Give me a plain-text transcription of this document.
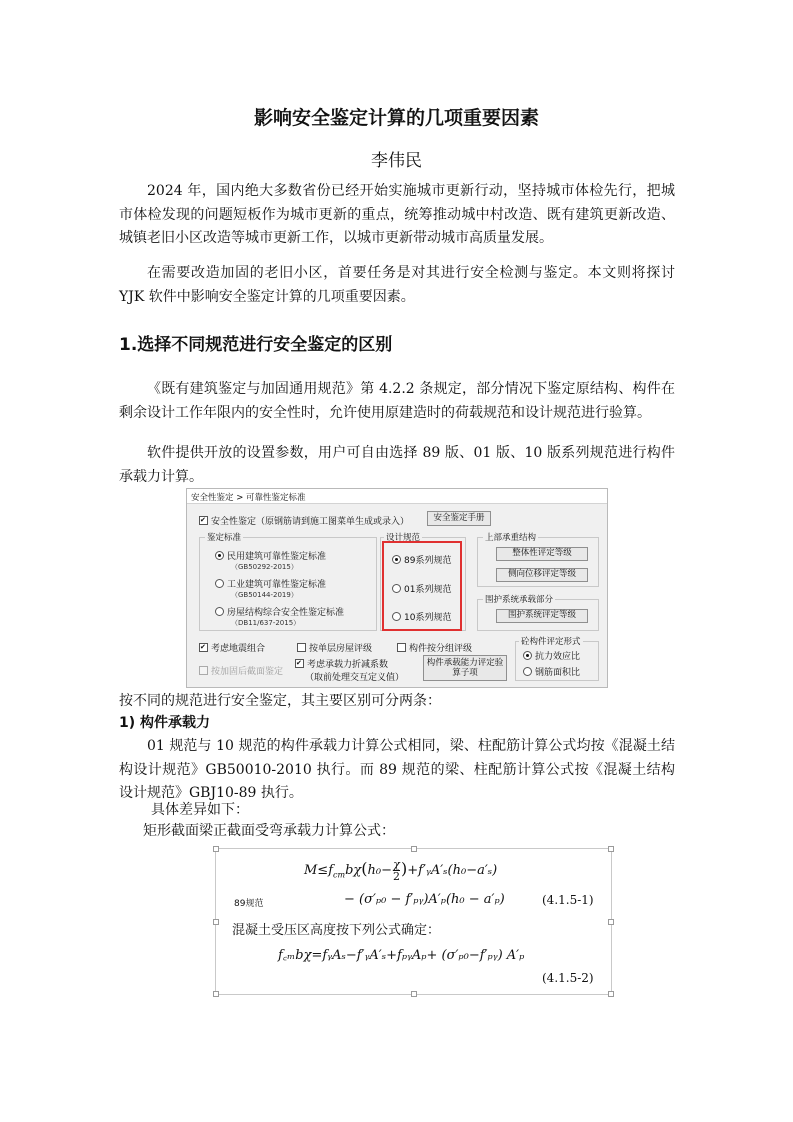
影响安全鉴定计算的几项重要因素
李伟民

2024 年，国内绝大多数省份已经开始实施城市更新行动，坚持城市体检先行，把城市体检发现的问题短板作为城市更新的重点，统筹推动城中村改造、既有建筑更新改造、城镇老旧小区改造等城市更新工作，以城市更新带动城市高质量发展。

在需要改造加固的老旧小区，首要任务是对其进行安全检测与鉴定。本文则将探讨 YJK 软件中影响安全鉴定计算的几项重要因素。

1.选择不同规范进行安全鉴定的区别

《既有建筑鉴定与加固通用规范》第 4.2.2 条规定，部分情况下鉴定原结构、构件在剩余设计工作年限内的安全性时，允许使用原建造时的荷载规范和设计规范进行验算。

软件提供开放的设置参数，用户可自由选择 89 版、01 版、10 版系列规范进行构件承载力计算。

安全性鉴定 > 可靠性鉴定标准
✔安全性鉴定（原钢筋请到施工图菜单生成或录入）	安全鉴定手册
鉴定标准
民用建筑可靠性鉴定标准
（GB50292-2015）
工业建筑可靠性鉴定标准
（GB50144-2019）
房屋结构综合安全性鉴定标准
（DB11/637-2015）
设计规范
89系列规范
01系列规范
10系列规范
上部承重结构
整体性评定等级
侧向位移评定等级
围护系统承载部分
围护系统评定等级
✔考虑地震组合	按单层房屋评级	构件按分组评级
按加固后截面鉴定
✔考虑承载力折减系数
（取前处理交互定义值）
构件承载能力评定验算子项
砼构件评定形式
抗力效应比
钢筋面积比

按不同的规范进行安全鉴定，其主要区别可分两条：

1) 构件承载力

01 规范与 10 规范的构件承载力计算公式相同，梁、柱配筋计算公式均按《混凝土结构设计规范》GB50010-2010 执行。而 89 规范的梁、柱配筋计算公式按《混凝土结构设计规范》GBJ10-89 执行。

具体差异如下：

矩形截面梁正截面受弯承载力计算公式：

$M\le f_{cm}b\chi(h_0- \frac{\chi}{2}$ )+f′ᵧA′ₛ(h₀−a′ₛ)
89规范	− (σ′ₚ₀ − f′ₚᵧ)A′ₚ(h₀ − a′ₚ)	(4.1.5-1)
混凝土受压区高度按下列公式确定：
f꜀ₘbχ=fᵧAₛ−f′ᵧA′ₛ+fₚᵧAₚ+ (σ′ₚ₀−f′ₚᵧ) A′ₚ
(4.1.5-2)
